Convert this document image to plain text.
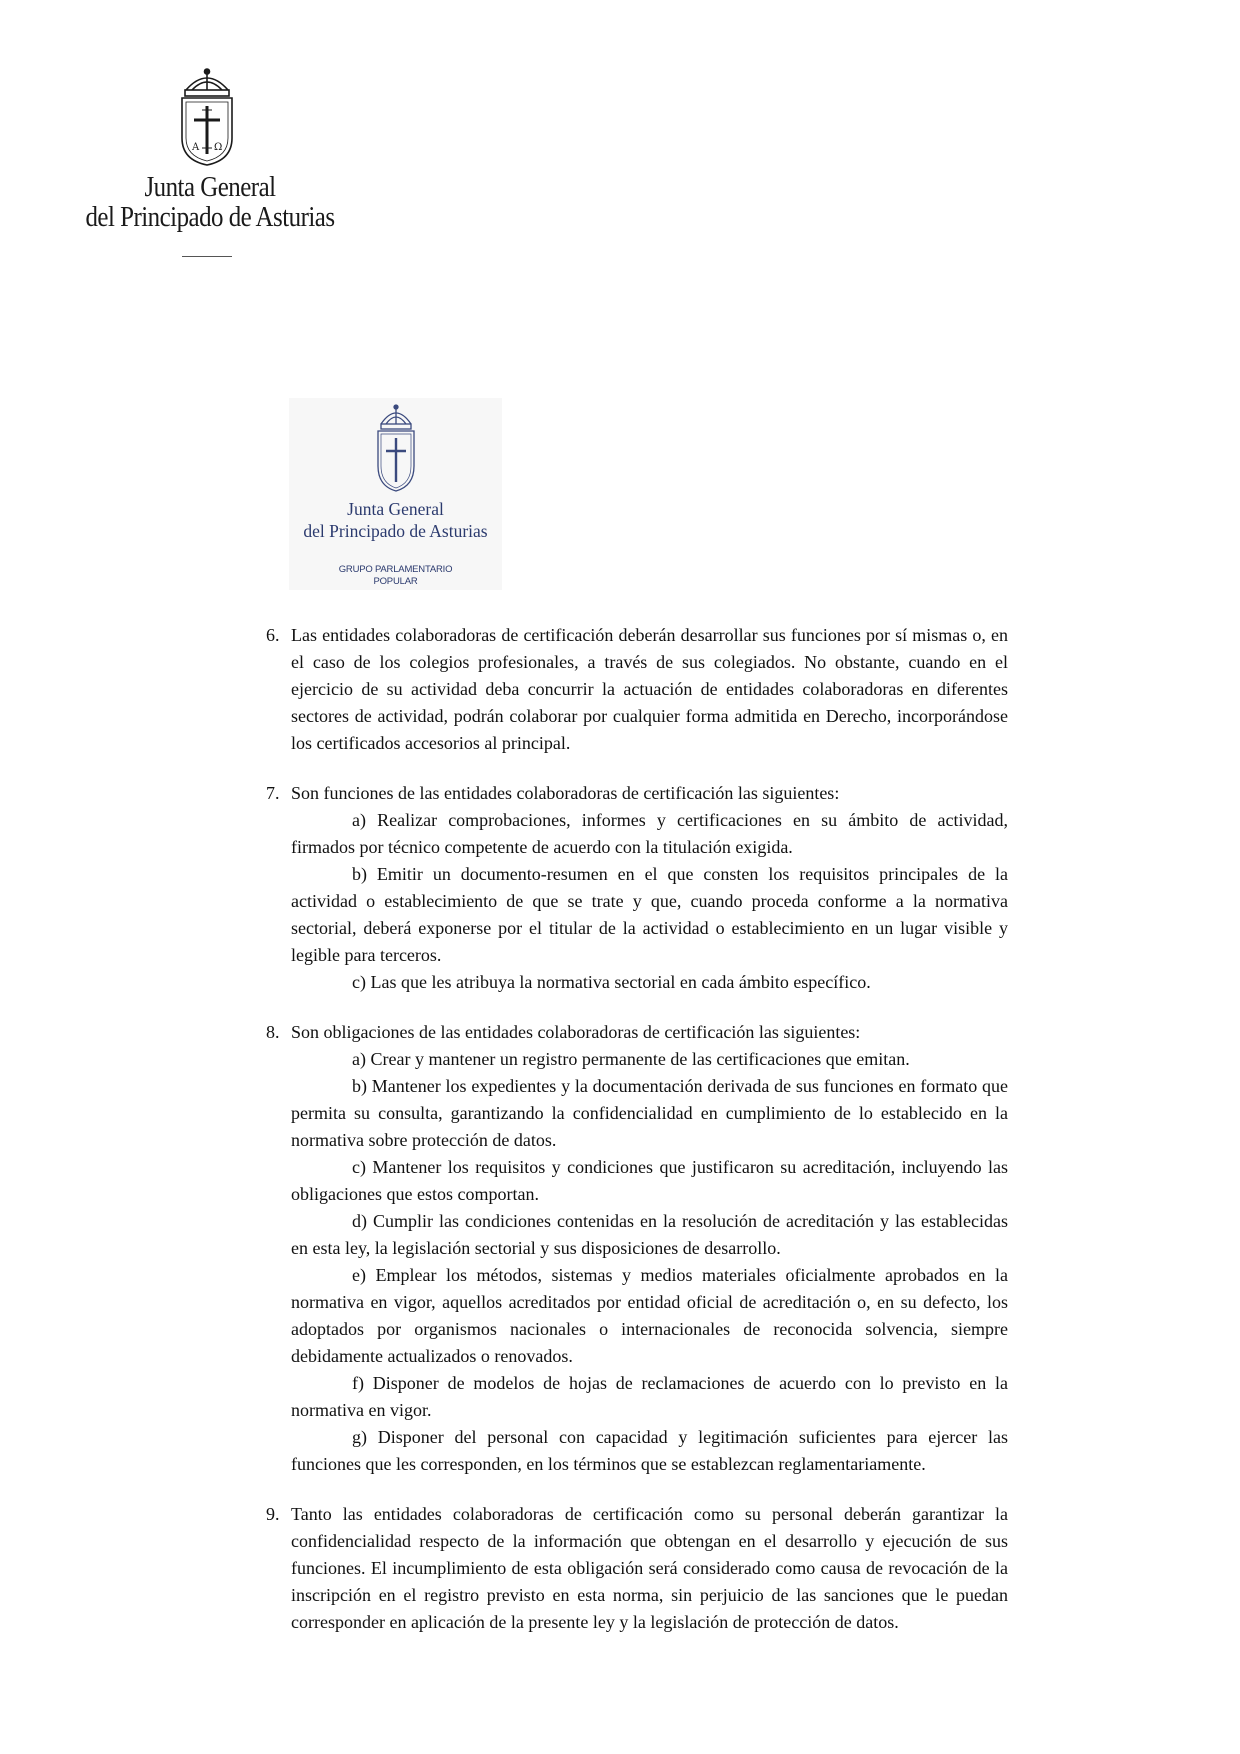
A Ω
Junta General
del Principado de Asturias
Junta General
del Principado de Asturias
GRUPO PARLAMENTARIO
POPULAR
6. Las entidades colaboradoras de certificación deberán desarrollar sus funciones por sí mismas o, en el caso de los colegios profesionales, a través de sus colegiados. No obstante, cuando en el ejercicio de su actividad deba concurrir la actuación de entidades colaboradoras en diferentes sectores de actividad, podrán colaborar por cualquier forma admitida en Derecho, incorporándose los certificados accesorios al principal.
7. Son funciones de las entidades colaboradoras de certificación las siguientes:
a) Realizar comprobaciones, informes y certificaciones en su ámbito de actividad, firmados por técnico competente de acuerdo con la titulación exigida.
b) Emitir un documento-resumen en el que consten los requisitos principales de la actividad o establecimiento de que se trate y que, cuando proceda conforme a la normativa sectorial, deberá exponerse por el titular de la actividad o establecimiento en un lugar visible y legible para terceros.
c) Las que les atribuya la normativa sectorial en cada ámbito específico.
8. Son obligaciones de las entidades colaboradoras de certificación las siguientes:
a) Crear y mantener un registro permanente de las certificaciones que emitan.
b) Mantener los expedientes y la documentación derivada de sus funciones en formato que permita su consulta, garantizando la confidencialidad en cumplimiento de lo establecido en la normativa sobre protección de datos.
c) Mantener los requisitos y condiciones que justificaron su acreditación, incluyendo las obligaciones que estos comportan.
d) Cumplir las condiciones contenidas en la resolución de acreditación y las establecidas en esta ley, la legislación sectorial y sus disposiciones de desarrollo.
e) Emplear los métodos, sistemas y medios materiales oficialmente aprobados en la normativa en vigor, aquellos acreditados por entidad oficial de acreditación o, en su defecto, los adoptados por organismos nacionales o internacionales de reconocida solvencia, siempre debidamente actualizados o renovados.
f) Disponer de modelos de hojas de reclamaciones de acuerdo con lo previsto en la normativa en vigor.
g) Disponer del personal con capacidad y legitimación suficientes para ejercer las funciones que les corresponden, en los términos que se establezcan reglamentariamente.
9. Tanto las entidades colaboradoras de certificación como su personal deberán garantizar la confidencialidad respecto de la información que obtengan en el desarrollo y ejecución de sus funciones. El incumplimiento de esta obligación será considerado como causa de revocación de la inscripción en el registro previsto en esta norma, sin perjuicio de las sanciones que le puedan corresponder en aplicación de la presente ley y la legislación de protección de datos.
